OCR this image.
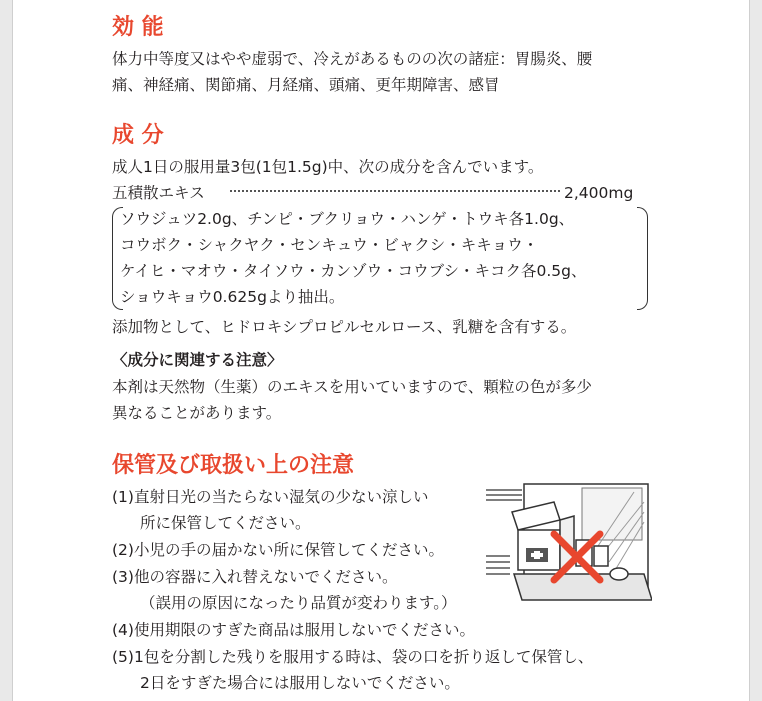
効 能
体力中等度又はやや虚弱で、冷えがあるものの次の諸症：胃腸炎、腰
痛、神経痛、関節痛、月経痛、頭痛、更年期障害、感冒
成 分
成人1日の服用量3包(1包1.5g)中、次の成分を含んでいます。
五積散エキス	2,400mg
ソウジュツ2.0g、チンピ・ブクリョウ・ハンゲ・トウキ各1.0g、
コウボク・シャクヤク・センキュウ・ビャクシ・キキョウ・
ケイヒ・マオウ・タイソウ・カンゾウ・コウブシ・キコク各0.5g、
ショウキョウ0.625gより抽出。
添加物として、ヒドロキシプロピルセルロース、乳糖を含有する。
〈成分に関連する注意〉
本剤は天然物（生薬）のエキスを用いていますので、顆粒の色が多少
異なることがあります。
保管及び取扱い上の注意
(1)直射日光の当たらない湿気の少ない涼しい
所に保管してください。
(2)小児の手の届かない所に保管してください。
(3)他の容器に入れ替えないでください。
（誤用の原因になったり品質が変わります。）
(4)使用期限のすぎた商品は服用しないでください。
(5)1包を分割した残りを服用する時は、袋の口を折り返して保管し、
2日をすぎた場合には服用しないでください。
